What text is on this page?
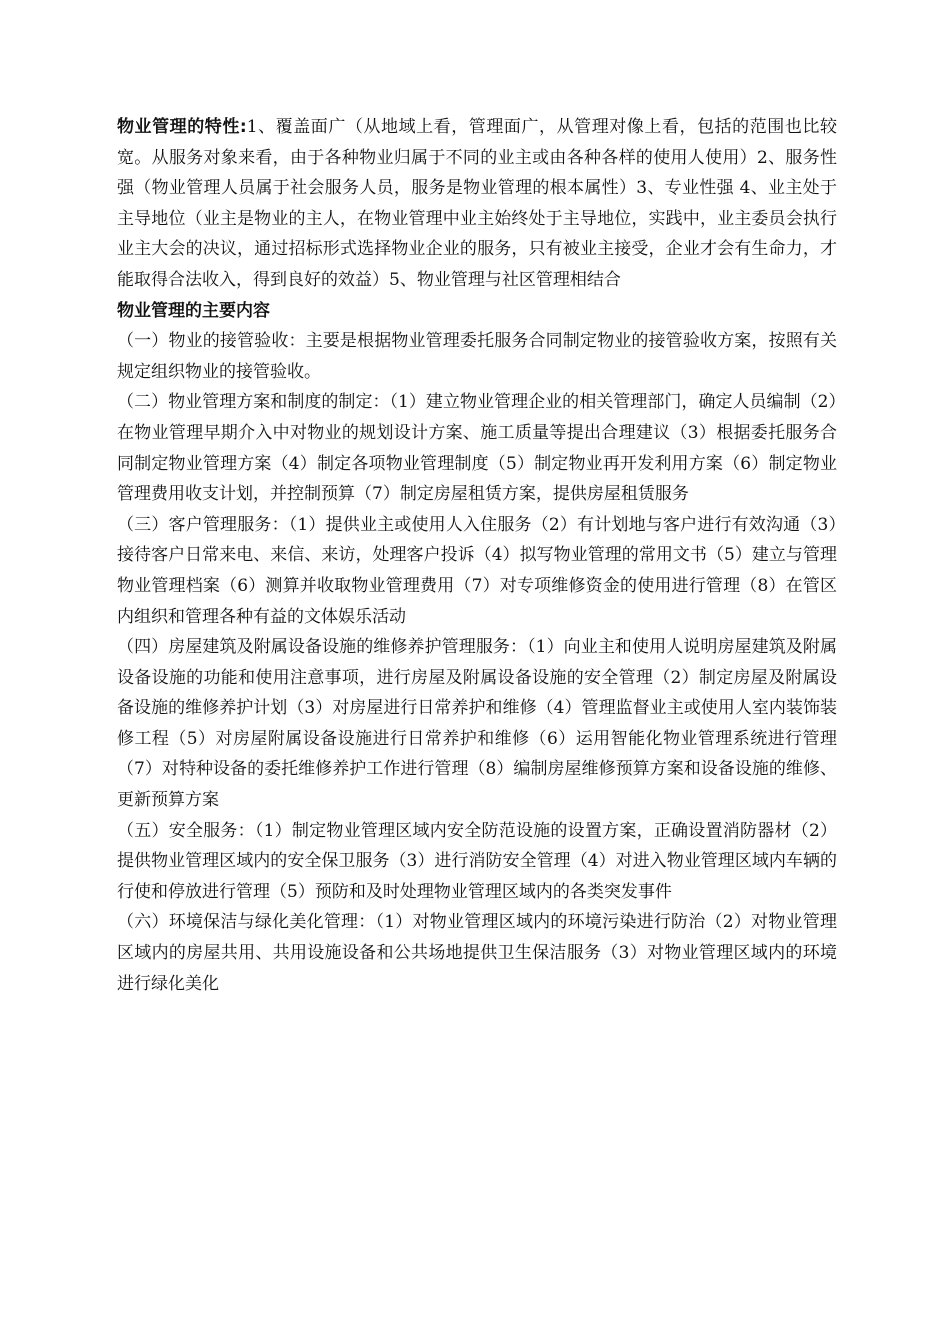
物业管理的特性:1、覆盖面广（从地域上看，管理面广，从管理对像上看，包括的范围也比较宽。从服务对象来看，由于各种物业归属于不同的业主或由各种各样的使用人使用）2、服务性强（物业管理人员属于社会服务人员，服务是物业管理的根本属性）3、专业性强 4、业主处于主导地位（业主是物业的主人，在物业管理中业主始终处于主导地位，实践中，业主委员会执行业主大会的决议，通过招标形式选择物业企业的服务，只有被业主接受，企业才会有生命力，才能取得合法收入，得到良好的效益）5、物业管理与社区管理相结合

物业管理的主要内容

（一）物业的接管验收：主要是根据物业管理委托服务合同制定物业的接管验收方案，按照有关规定组织物业的接管验收。

（二）物业管理方案和制度的制定：（1）建立物业管理企业的相关管理部门，确定人员编制（2）在物业管理早期介入中对物业的规划设计方案、施工质量等提出合理建议（3）根据委托服务合同制定物业管理方案（4）制定各项物业管理制度（5）制定物业再开发利用方案（6）制定物业管理费用收支计划，并控制预算（7）制定房屋租赁方案，提供房屋租赁服务

（三）客户管理服务：（1）提供业主或使用人入住服务（2）有计划地与客户进行有效沟通（3）接待客户日常来电、来信、来访，处理客户投诉（4）拟写物业管理的常用文书（5）建立与管理物业管理档案（6）测算并收取物业管理费用（7）对专项维修资金的使用进行管理（8）在管区内组织和管理各种有益的文体娱乐活动

（四）房屋建筑及附属设备设施的维修养护管理服务：（1）向业主和使用人说明房屋建筑及附属设备设施的功能和使用注意事项，进行房屋及附属设备设施的安全管理（2）制定房屋及附属设备设施的维修养护计划（3）对房屋进行日常养护和维修（4）管理监督业主或使用人室内装饰装修工程（5）对房屋附属设备设施进行日常养护和维修（6）运用智能化物业管理系统进行管理（7）对特种设备的委托维修养护工作进行管理（8）编制房屋维修预算方案和设备设施的维修、更新预算方案

（五）安全服务：（1）制定物业管理区域内安全防范设施的设置方案，正确设置消防器材（2）提供物业管理区域内的安全保卫服务（3）进行消防安全管理（4）对进入物业管理区域内车辆的行使和停放进行管理（5）预防和及时处理物业管理区域内的各类突发事件

（六）环境保洁与绿化美化管理：（1）对物业管理区域内的环境污染进行防治（2）对物业管理区域内的房屋共用、共用设施设备和公共场地提供卫生保洁服务（3）对物业管理区域内的环境进行绿化美化
